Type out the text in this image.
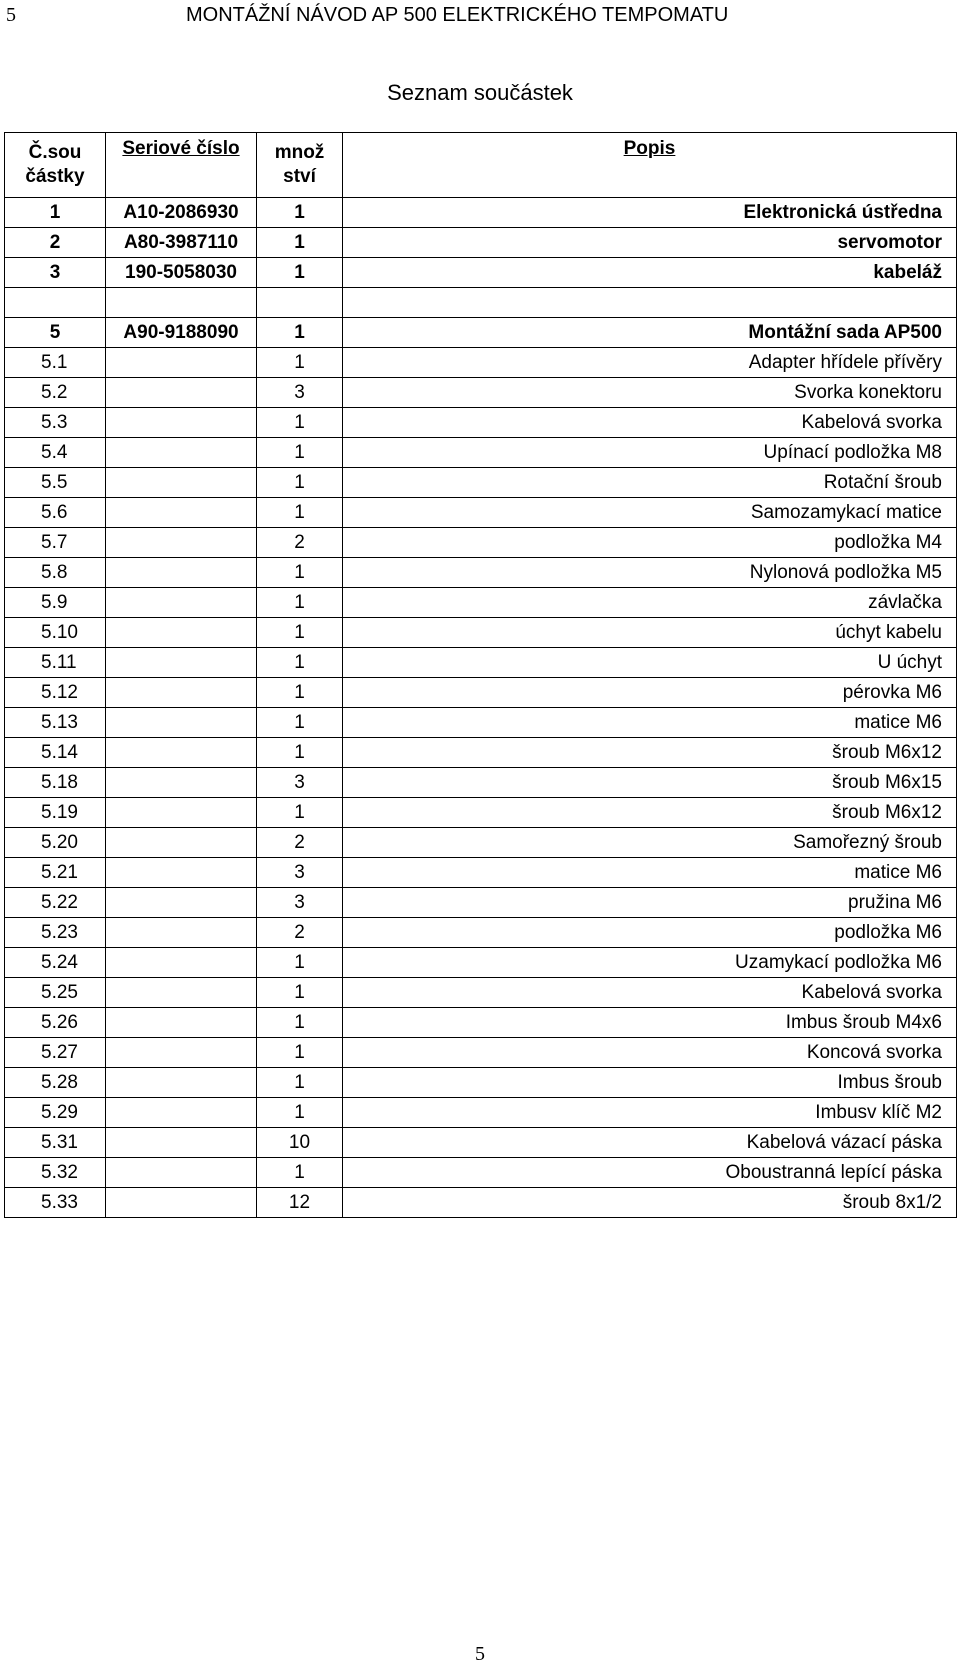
5	MONTÁŽNÍ NÁVOD AP 500 ELEKTRICKÉHO TEMPOMATU
Seznam součástek
Č.sou částky	Seriové číslo	množ ství	Popis
1	A10-2086930	1	Elektronická ústředna
2	A80-3987110	1	servomotor
3	190-5058030	1	kabeláž

5	A90-9188090	1	Montážní sada AP500
5.1		1	Adapter hřídele přívěry
5.2		3	Svorka konektoru
5.3		1	Kabelová svorka
5.4		1	Upínací podložka M8
5.5		1	Rotační šroub
5.6		1	Samozamykací matice
5.7		2	podložka M4
5.8		1	Nylonová podložka M5
5.9		1	závlačka
5.10		1	úchyt kabelu
5.11		1	U úchyt
5.12		1	pérovka M6
5.13		1	matice M6
5.14		1	šroub M6x12
5.18		3	šroub M6x15
5.19		1	šroub M6x12
5.20		2	Samořezný šroub
5.21		3	matice M6
5.22		3	pružina M6
5.23		2	podložka M6
5.24		1	Uzamykací podložka M6
5.25		1	Kabelová svorka
5.26		1	Imbus šroub M4x6
5.27		1	Koncová svorka
5.28		1	Imbus šroub
5.29		1	Imbusv klíč M2
5.31		10	Kabelová vázací páska
5.32		1	Oboustranná lepící páska
5.33		12	šroub 8x1/2
5
